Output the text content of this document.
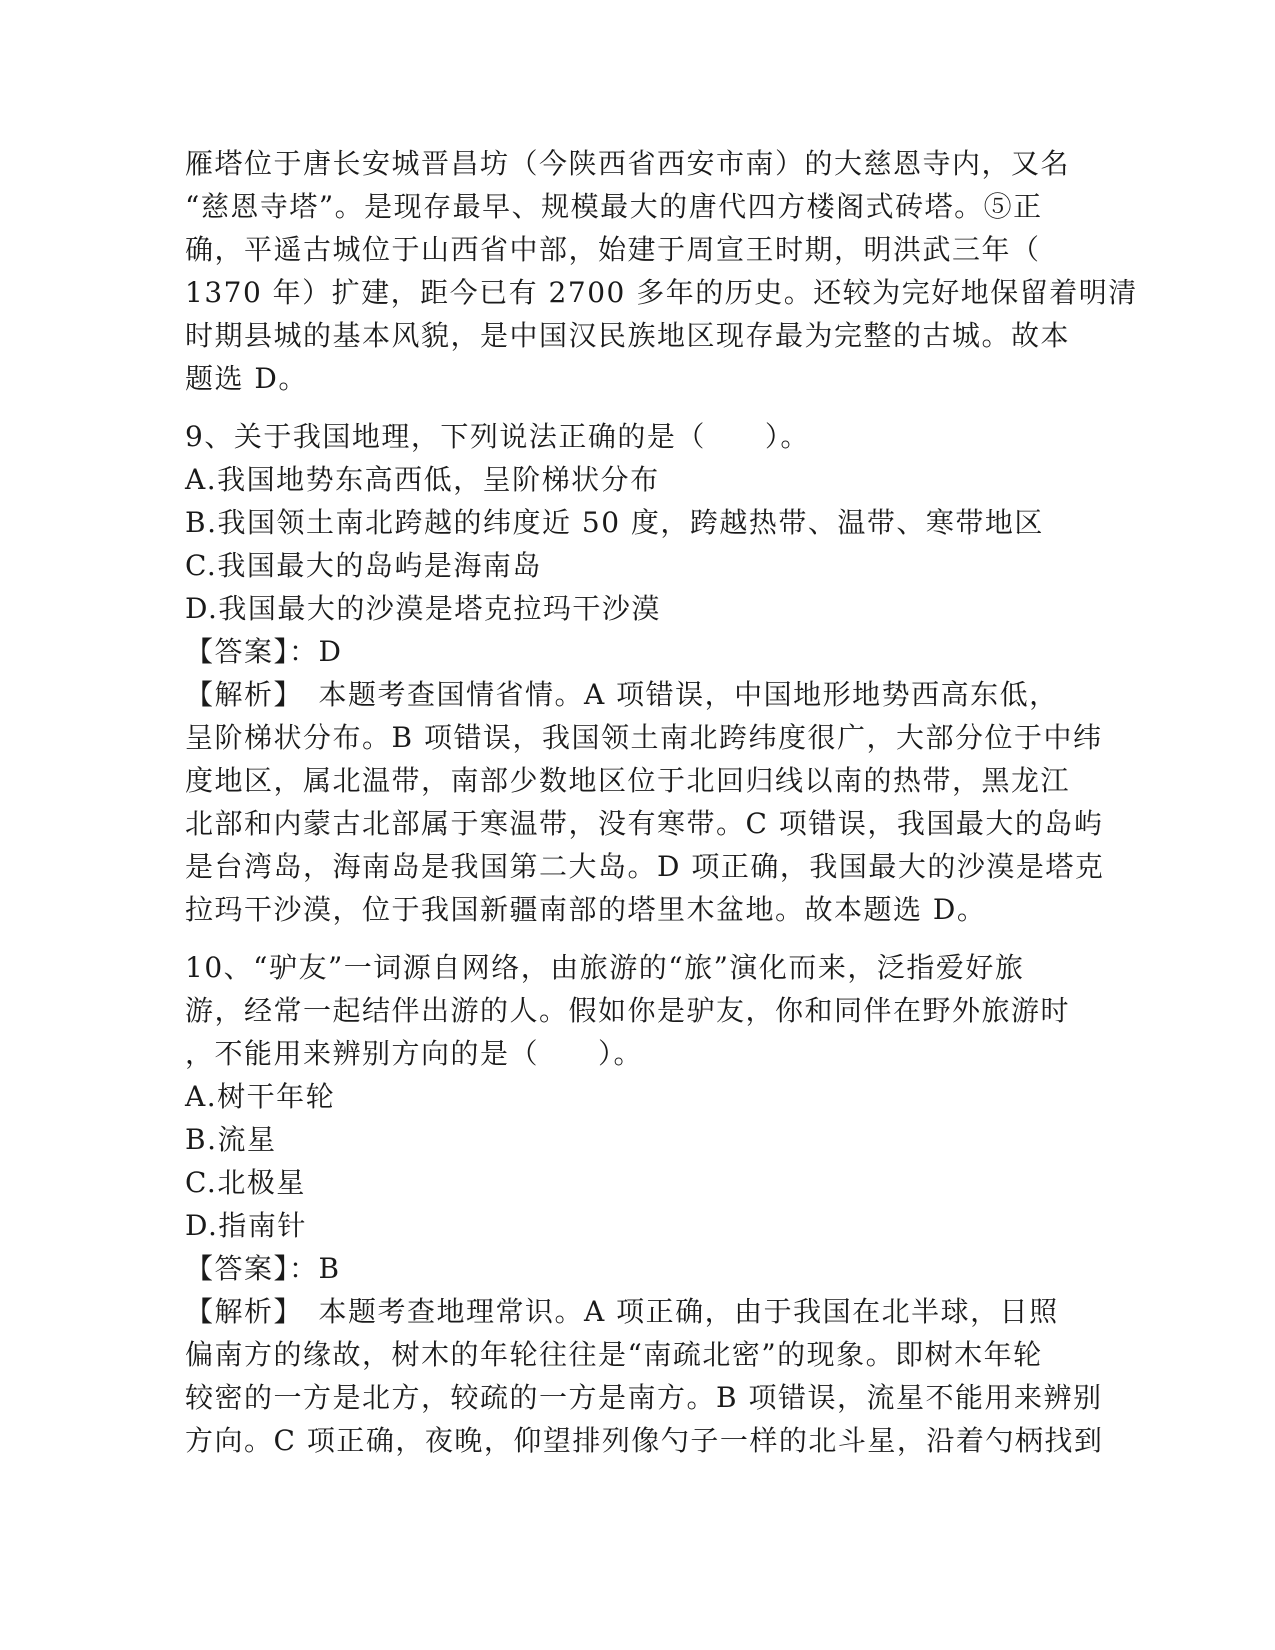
雁塔位于唐长安城晋昌坊（今陕西省西安市南）的大慈恩寺内，又名
“慈恩寺塔”。是现存最早、规模最大的唐代四方楼阁式砖塔。⑤正
确，平遥古城位于山西省中部，始建于周宣王时期，明洪武三年（
1370 年）扩建，距今已有 2700 多年的历史。还较为完好地保留着明清
时期县城的基本风貌，是中国汉民族地区现存最为完整的古城。故本
题选 D。
9、关于我国地理，下列说法正确的是（　　）。
A.我国地势东高西低，呈阶梯状分布
B.我国领土南北跨越的纬度近 50 度，跨越热带、温带、寒带地区
C.我国最大的岛屿是海南岛
D.我国最大的沙漠是塔克拉玛干沙漠
【答案】：D
【解析】　本题考查国情省情。A 项错误，中国地形地势西高东低，
呈阶梯状分布。B 项错误，我国领土南北跨纬度很广，大部分位于中纬
度地区，属北温带，南部少数地区位于北回归线以南的热带，黑龙江
北部和内蒙古北部属于寒温带，没有寒带。C 项错误，我国最大的岛屿
是台湾岛，海南岛是我国第二大岛。D 项正确，我国最大的沙漠是塔克
拉玛干沙漠，位于我国新疆南部的塔里木盆地。故本题选 D。
10、“驴友”一词源自网络，由旅游的“旅”演化而来，泛指爱好旅
游，经常一起结伴出游的人。假如你是驴友，你和同伴在野外旅游时
，不能用来辨别方向的是（　　）。
A.树干年轮
B.流星
C.北极星
D.指南针
【答案】：B
【解析】　本题考查地理常识。A 项正确，由于我国在北半球，日照
偏南方的缘故，树木的年轮往往是“南疏北密”的现象。即树木年轮
较密的一方是北方，较疏的一方是南方。B 项错误，流星不能用来辨别
方向。C 项正确，夜晚，仰望排列像勺子一样的北斗星，沿着勺柄找到
